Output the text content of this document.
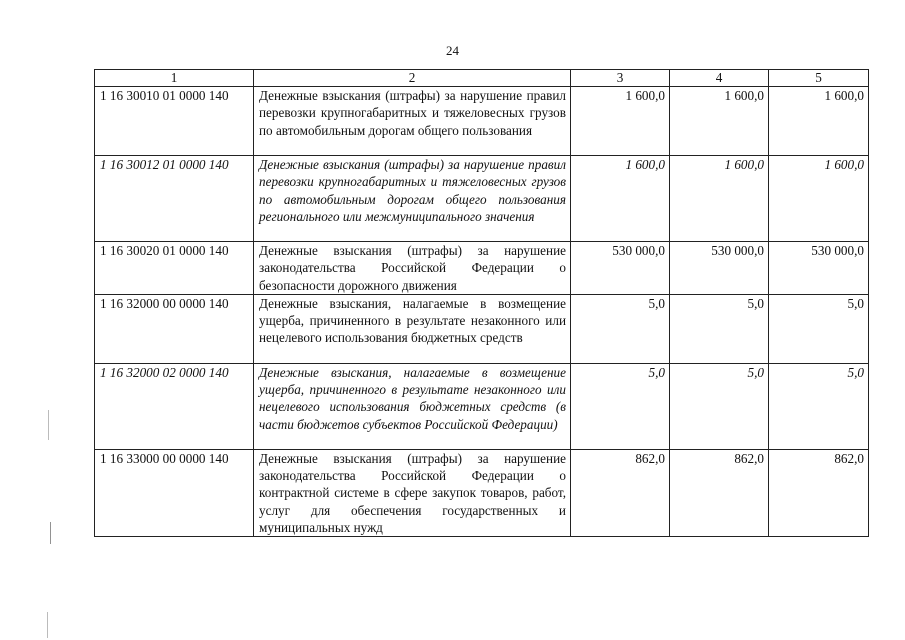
24
1	2	3	4	5
1 16 30010 01 0000 140	Денежные взыскания (штрафы) за нарушение правил перевозки крупногабаритных и тяжеловесных грузов по автомобильным дорогам общего пользования	1 600,0	1 600,0	1 600,0
1 16 30012 01 0000 140	Денежные взыскания (штрафы) за нарушение правил перевозки крупногабаритных и тяжеловесных грузов по автомобильным дорогам общего пользования регионального или межмуниципального значения	1 600,0	1 600,0	1 600,0
1 16 30020 01 0000 140	Денежные взыскания (штрафы) за нарушение законодательства Российской Федерации о безопасности дорожного движения	530 000,0	530 000,0	530 000,0
1 16 32000 00 0000 140	Денежные взыскания, налагаемые в возмещение ущерба, причиненного в результате незаконного или нецелевого использования бюджетных средств	5,0	5,0	5,0
1 16 32000 02 0000 140	Денежные взыскания, налагаемые в возмещение ущерба, причиненного в результате незаконного или нецелевого использования бюджетных средств (в части бюджетов субъектов Российской Федерации)	5,0	5,0	5,0
1 16 33000 00 0000 140	Денежные взыскания (штрафы) за нарушение законодательства Российской Федерации о контрактной системе в сфере закупок товаров, работ, услуг для обеспечения государственных и муниципальных нужд	862,0	862,0	862,0
